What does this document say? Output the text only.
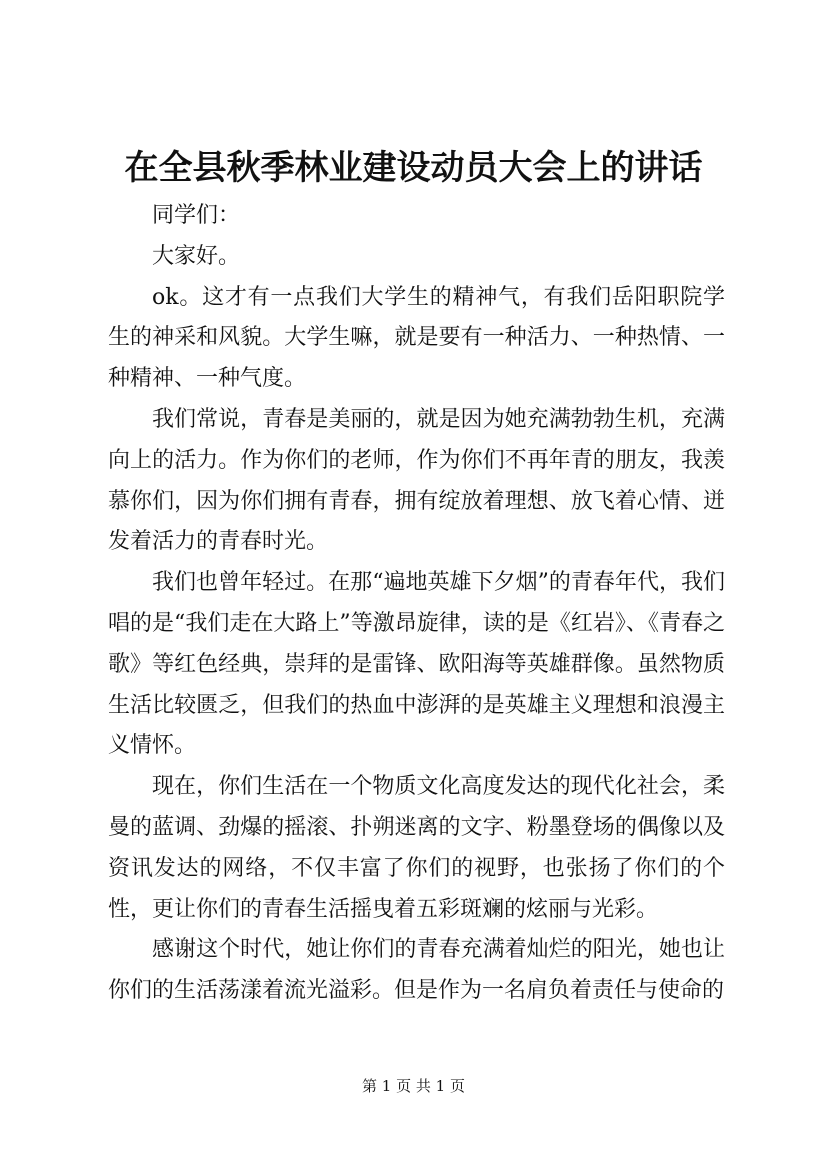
在全县秋季林业建设动员大会上的讲话

同学们：

大家好。

ok。这才有一点我们大学生的精神气，有我们岳阳职院学生的神采和风貌。大学生嘛，就是要有一种活力、一种热情、一种精神、一种气度。

我们常说，青春是美丽的，就是因为她充满勃勃生机，充满向上的活力。作为你们的老师，作为你们不再年青的朋友，我羡慕你们，因为你们拥有青春，拥有绽放着理想、放飞着心情、迸发着活力的青春时光。

我们也曾年轻过。在那“遍地英雄下夕烟”的青春年代，我们唱的是“我们走在大路上”等激昂旋律，读的是《红岩》、《青春之歌》等红色经典，崇拜的是雷锋、欧阳海等英雄群像。虽然物质生活比较匮乏，但我们的热血中澎湃的是英雄主义理想和浪漫主义情怀。

现在，你们生活在一个物质文化高度发达的现代化社会，柔曼的蓝调、劲爆的摇滚、扑朔迷离的文字、粉墨登场的偶像以及资讯发达的网络，不仅丰富了你们的视野，也张扬了你们的个性，更让你们的青春生活摇曳着五彩斑斓的炫丽与光彩。

感谢这个时代，她让你们的青春充满着灿烂的阳光，她也让你们的生活荡漾着流光溢彩。但是作为一名肩负着责任与使命的

第 1 页 共 1 页
